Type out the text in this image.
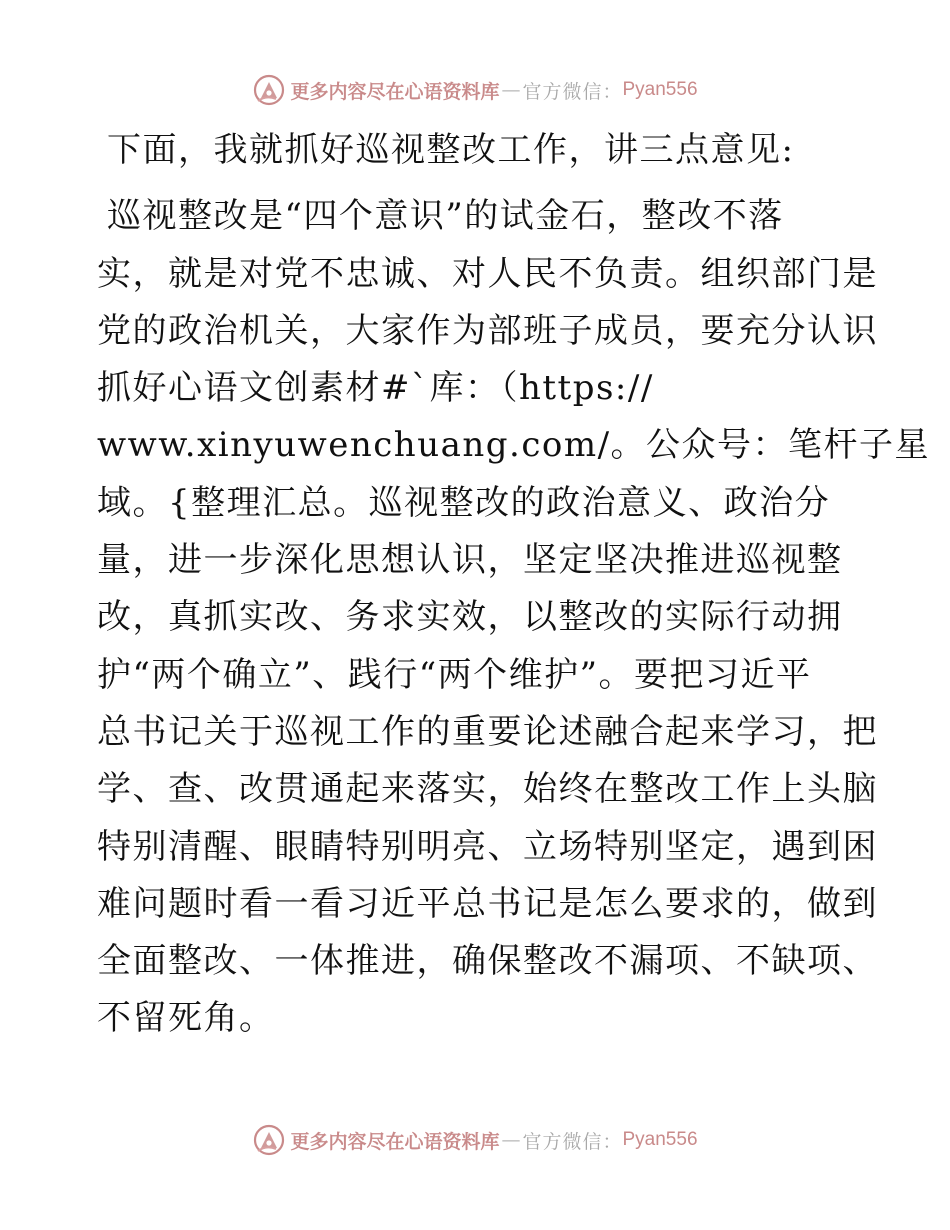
更多内容尽在心语资料库 — 官方微信： Pyan556

下面，我就抓好巡视整改工作，讲三点意见:

巡视整改是“四个意识”的试金石，整改不落
实，就是对党不忠诚、对人民不负责。组织部门是
党的政治机关，大家作为部班子成员，要充分认识
抓好心语文创素材#`库：（https://
www.xinyuwenchuang.com/。公众号：笔杆子星
域。{整理汇总。巡视整改的政治意义、政治分
量，进一步深化思想认识，坚定坚决推进巡视整
改，真抓实改、务求实效，以整改的实际行动拥
护“两个确立”、践行“两个维护”。要把习近平
总书记关于巡视工作的重要论述融合起来学习，把
学、查、改贯通起来落实，始终在整改工作上头脑
特别清醒、眼睛特别明亮、立场特别坚定，遇到困
难问题时看一看习近平总书记是怎么要求的，做到
全面整改、一体推进，确保整改不漏项、不缺项、
不留死角。

更多内容尽在心语资料库 — 官方微信： Pyan556
